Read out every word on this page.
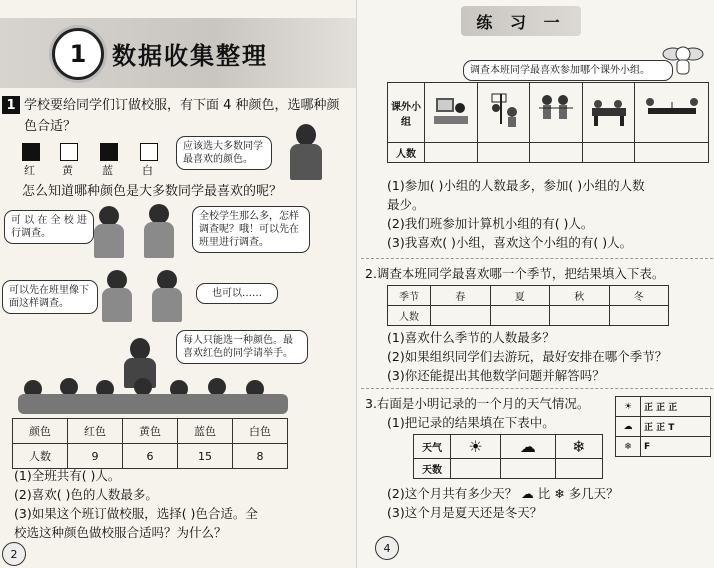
1	数据收集整理
1 学校要给同学们订做校服，有下面 4 种颜色，选哪种颜色合适？
红 黄	蓝	白
应该选大多数同学最喜欢的颜色。
怎么知道哪种颜色是大多数同学最喜欢的呢？
可 以 在 全 校 进行调查。
全校学生那么多，怎样调查呢？哦！可以先在班里进行调查。
可以先在班里像下面这样调查。
也可以……
每人只能选一种颜色。最喜欢红色的同学请举手。
颜色	红色	黄色	蓝色	白色
人数	9	6	15	8
(1)全班共有( )人。
(2)喜欢( )色的人数最多。
(3)如果这个班订做校服，选择( )色合适。全
校选这种颜色做校服合适吗？为什么？
2
练 习 一
调查本班同学最喜欢参加哪个课外小组。
课外小组					
人数					
(1)参加( )小组的人数最多，参加( )小组的人数
最少。
(2)我们班参加计算机小组的有( )人。
(3)我喜欢( )小组，喜欢这个小组的有( )人。
2.调查本班同学最喜欢哪一个季节，把结果填入下表。
季节	春	夏	秋	冬
人数				
(1)喜欢什么季节的人数最多？
(2)如果组织同学们去游玩，最好安排在哪个季节？
(3)你还能提出其他数学问题并解答吗？
3.右面是小明记录的一个月的天气情况。
(1)把记录的结果填在下表中。
☀	正 正 正
☁	正 正 T
❄	F
天气	☀	☁	❄
天数			
(2)这个月共有多少天？ ☁ 比 ❄ 多几天？
(3)这个月是夏天还是冬天？
4
